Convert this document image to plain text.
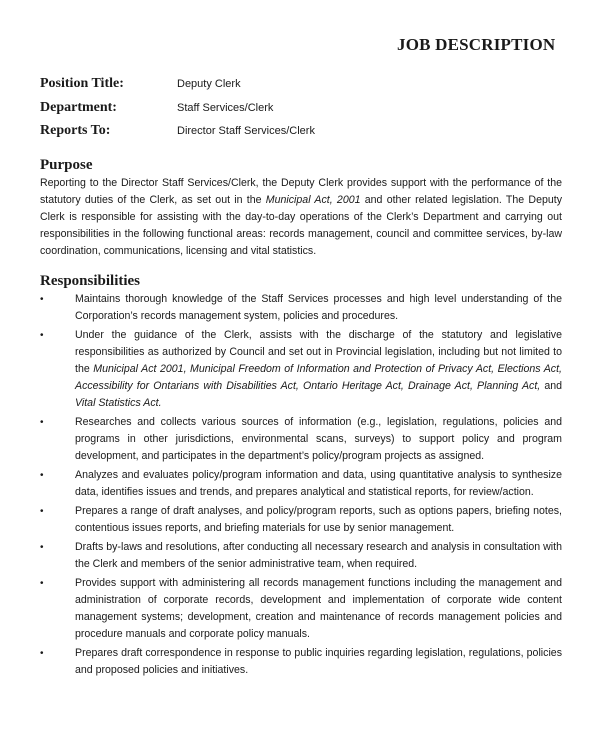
JOB DESCRIPTION
Position Title:	Deputy Clerk
Department:	Staff Services/Clerk
Reports To:	Director Staff Services/Clerk
Purpose
Reporting to the Director Staff Services/Clerk, the Deputy Clerk provides support with the performance of the statutory duties of the Clerk, as set out in the Municipal Act, 2001 and other related legislation. The Deputy Clerk is responsible for assisting with the day-to-day operations of the Clerk’s Department and carrying out responsibilities in the following functional areas: records management, council and committee services, by-law coordination, communications, licensing and vital statistics.
Responsibilities
•	Maintains thorough knowledge of the Staff Services processes and high level understanding of the Corporation’s records management system, policies and procedures.
•	Under the guidance of the Clerk, assists with the discharge of the statutory and legislative responsibilities as authorized by Council and set out in Provincial legislation, including but not limited to the Municipal Act 2001, Municipal Freedom of Information and Protection of Privacy Act, Elections Act, Accessibility for Ontarians with Disabilities Act, Ontario Heritage Act, Drainage Act, Planning Act, and Vital Statistics Act.
•	Researches and collects various sources of information (e.g., legislation, regulations, policies and programs in other jurisdictions, environmental scans, surveys) to support policy and program development, and participates in the department’s policy/program projects as assigned.
•	Analyzes and evaluates policy/program information and data, using quantitative analysis to synthesize data, identifies issues and trends, and prepares analytical and statistical reports, for review/action.
•	Prepares a range of draft analyses, and policy/program reports, such as options papers, briefing notes, contentious issues reports, and briefing materials for use by senior management.
•	Drafts by-laws and resolutions, after conducting all necessary research and analysis in consultation with the Clerk and members of the senior administrative team, when required.
•	Provides support with administering all records management functions including the management and administration of corporate records, development and implementation of corporate wide content management systems; development, creation and maintenance of records management policies and procedure manuals and corporate policy manuals.
•	Prepares draft correspondence in response to public inquiries regarding legislation, regulations, policies and proposed policies and initiatives.
